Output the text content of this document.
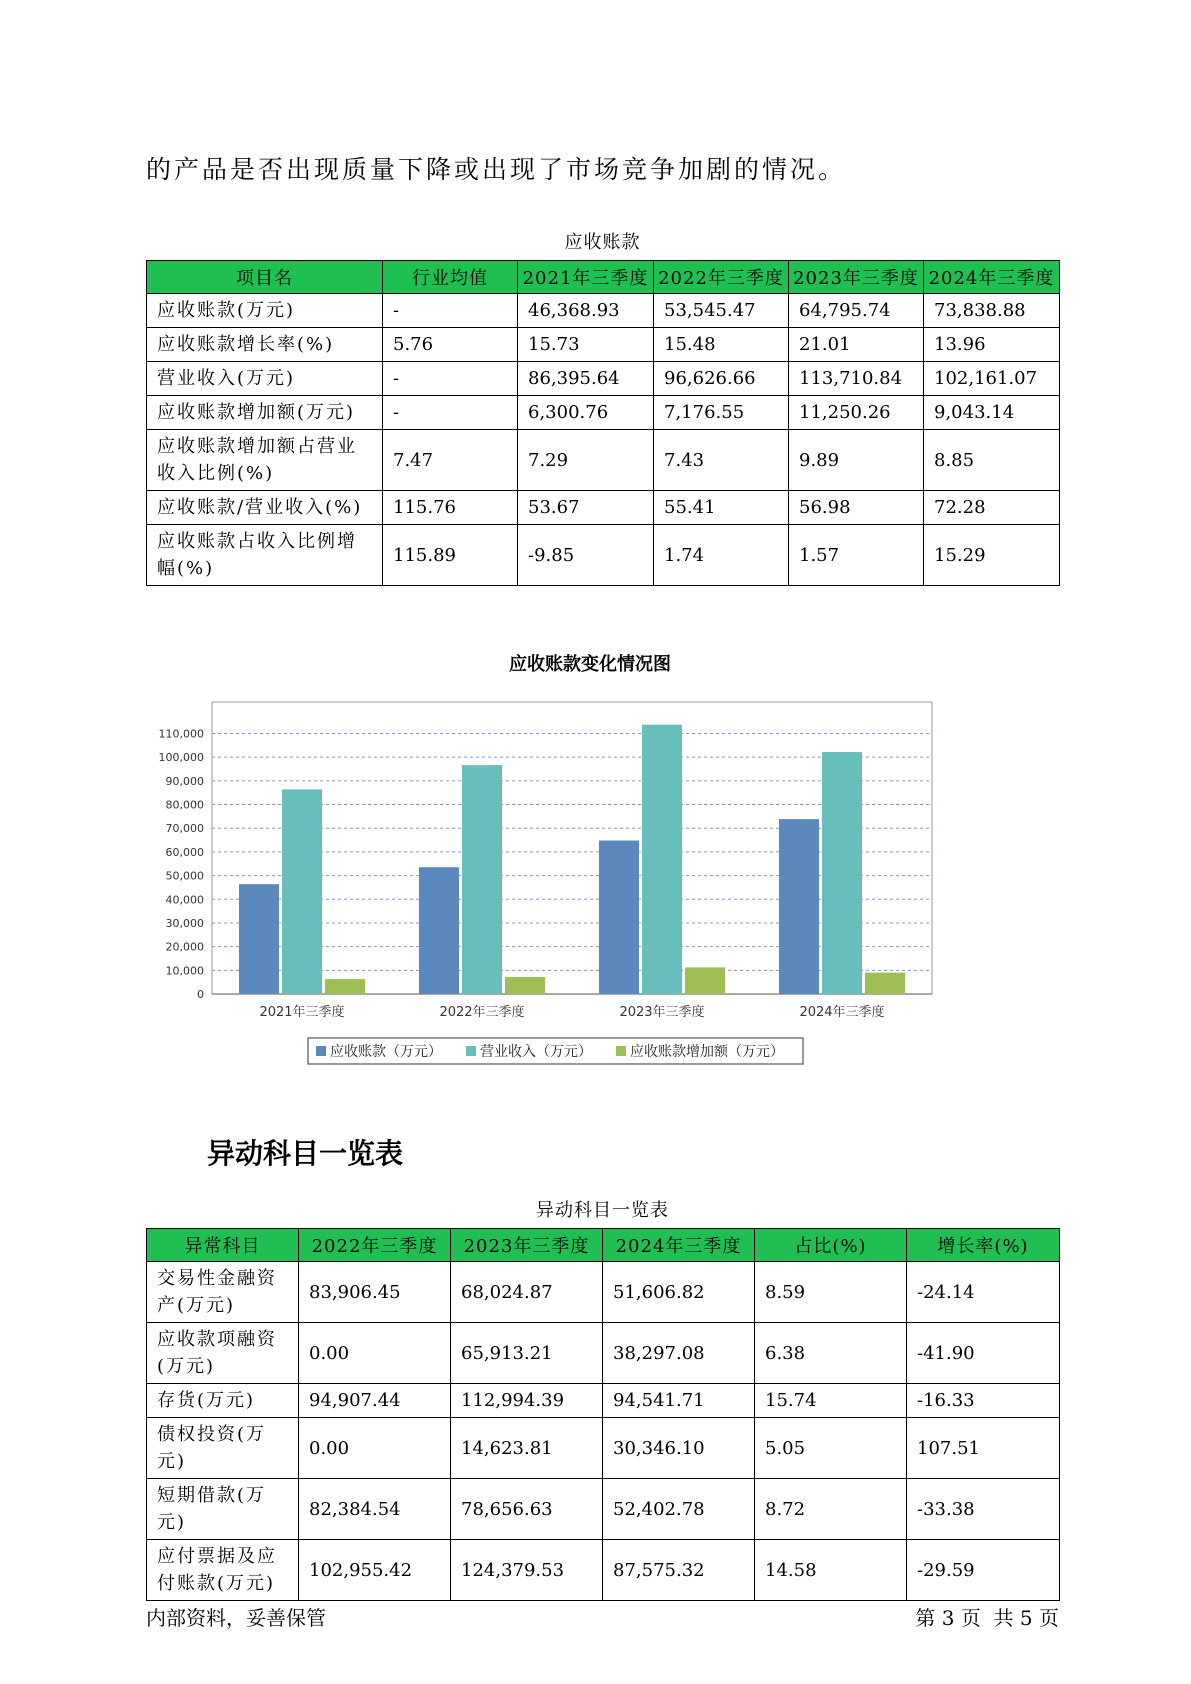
的产品是否出现质量下降或出现了市场竞争加剧的情况。
应收账款
项目名	行业均值	2021年三季度	2022年三季度	2023年三季度	2024年三季度
应收账款(万元)	-	46,368.93	53,545.47	64,795.74	73,838.88
应收账款增长率(%)	5.76	15.73	15.48	21.01	13.96
营业收入(万元)	-	86,395.64	96,626.66	113,710.84	102,161.07
应收账款增加额(万元)	-	6,300.76	7,176.55	11,250.26	9,043.14
应收账款增加额占营业收入比例(%)	7.47	7.29	7.43	9.89	8.85
应收账款/营业收入(%)	115.76	53.67	55.41	56.98	72.28
应收账款占收入比例增幅(%)	115.89	-9.85	1.74	1.57	15.29
应收账款变化情况图
0
10,000
20,000
30,000
40,000
50,000
60,000
70,000
80,000
90,000
100,000
110,000
2021年三季度	2022年三季度	2023年三季度	2024年三季度
应收账款（万元）	营业收入（万元）	应收账款增加额（万元）
异动科目一览表
异动科目一览表
异常科目	2022年三季度	2023年三季度	2024年三季度	占比(%)	增长率(%)
交易性金融资产(万元)	83,906.45	68,024.87	51,606.82	8.59	-24.14
应收款项融资(万元)	0.00	65,913.21	38,297.08	6.38	-41.90
存货(万元)	94,907.44	112,994.39	94,541.71	15.74	-16.33
债权投资(万元)	0.00	14,623.81	30,346.10	5.05	107.51
短期借款(万元)	82,384.54	78,656.63	52,402.78	8.72	-33.38
应付票据及应付账款(万元)	102,955.42	124,379.53	87,575.32	14.58	-29.59
内部资料，妥善保管	第 3 页  共 5 页
